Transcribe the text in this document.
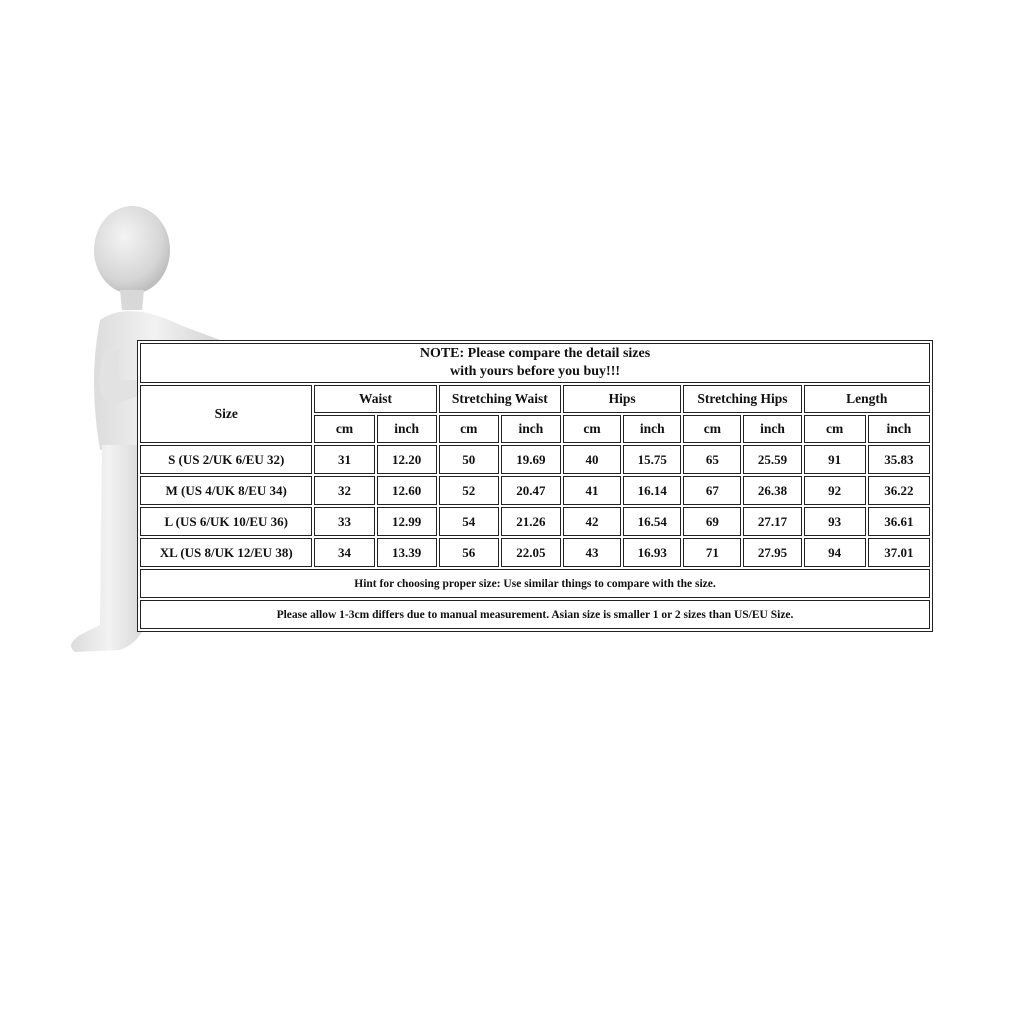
NOTE: Please compare the detail sizes
with yours before you buy!!!										

Size	Waist		Stretching Waist		Hips		Stretching Hips		Length	
	cm	inch	cm	inch	cm	inch	cm	inch	cm	inch
S (US 2/UK 6/EU 32)	31	12.20	50	19.69	40	15.75	65	25.59	91	35.83
M (US 4/UK 8/EU 34)	32	12.60	52	20.47	41	16.14	67	26.38	92	36.22
L (US 6/UK 10/EU 36)	33	12.99	54	21.26	42	16.54	69	27.17	93	36.61
XL (US 8/UK 12/EU 38)	34	13.39	56	22.05	43	16.93	71	27.95	94	37.01
Hint for choosing proper size: Use similar things to compare with the size.										
Please allow 1-3cm differs due to manual measurement. Asian size is smaller 1 or 2 sizes than US/EU Size.										
